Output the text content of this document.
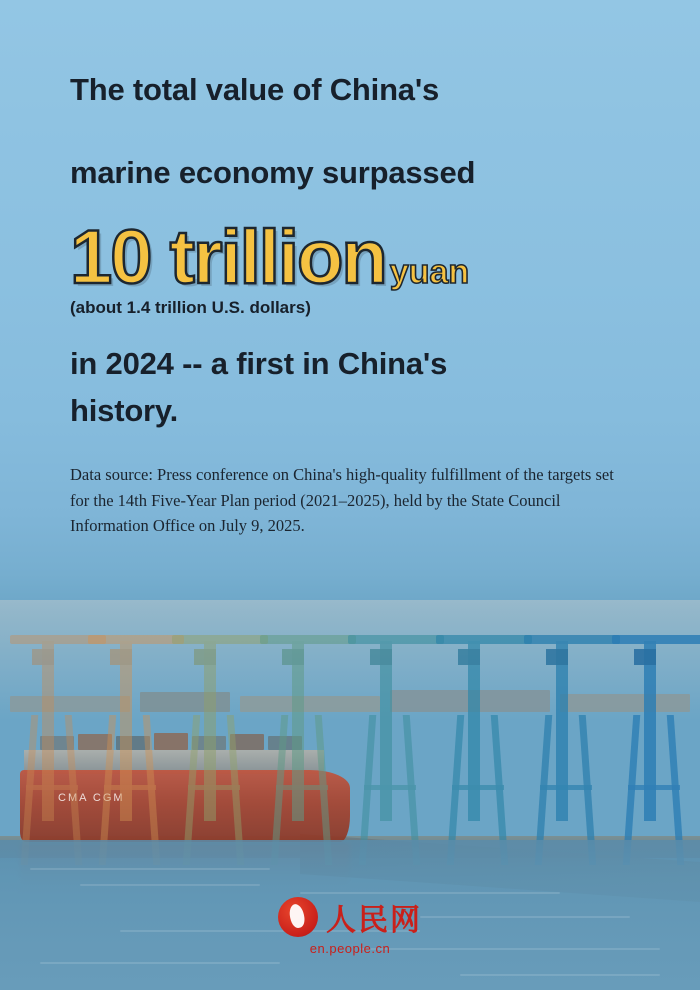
CMA CGM
The total value of China's
marine economy surpassed
10 trillion yuan
(about 1.4 trillion U.S. dollars)
in 2024 -- a first in China's
history.
Data source: Press conference on China's high-quality fulfillment of the targets set for the 14th Five-Year Plan period (2021–2025), held by the State Council Information Office on July 9, 2025.
人民网
en.people.cn
